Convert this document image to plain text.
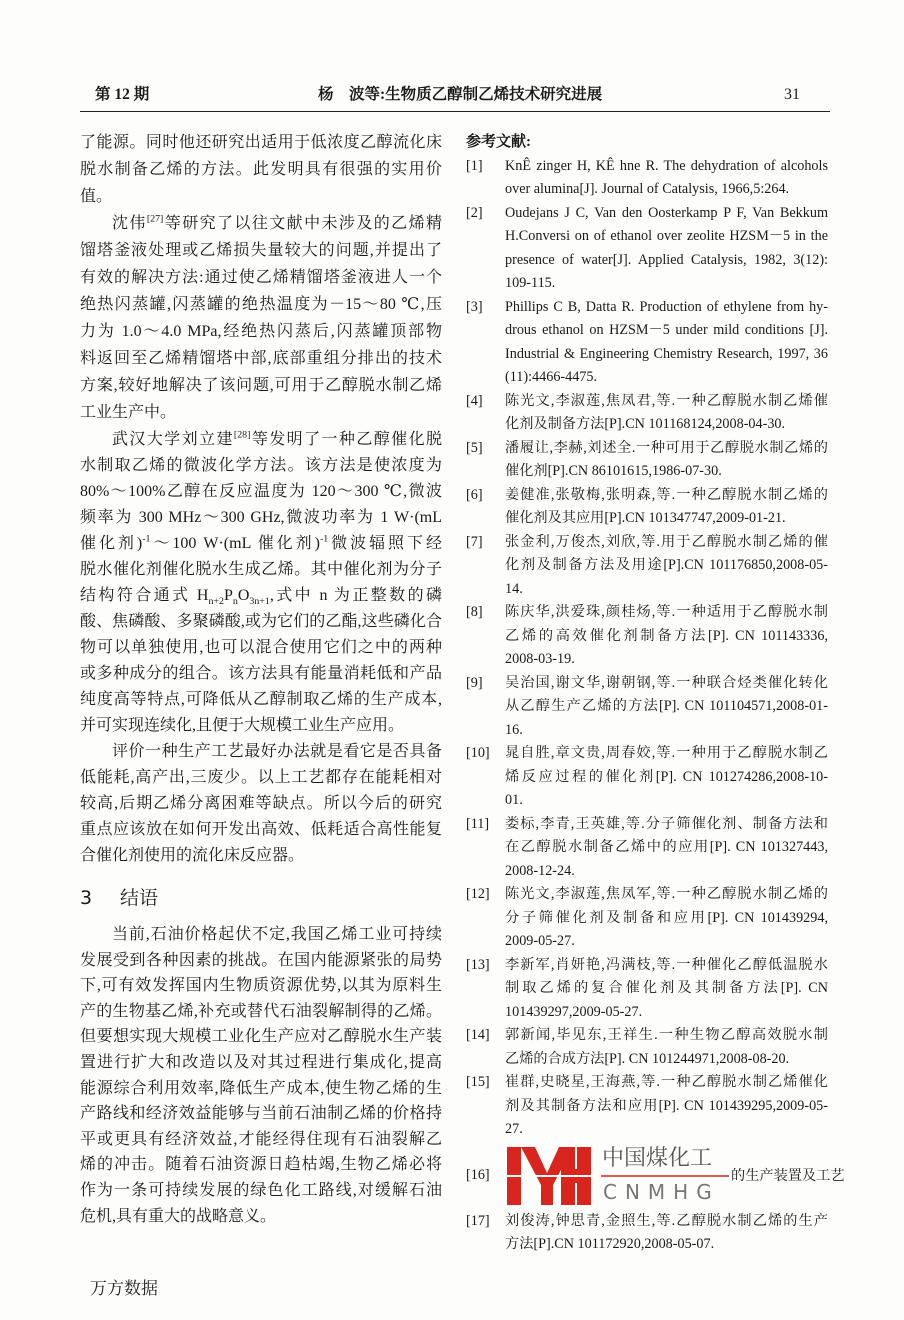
第 12 期	杨　波等:生物质乙醇制乙烯技术研究进展	31
了能源。同时他还研究出适用于低浓度乙醇流化床
脱水制备乙烯的方法。此发明具有很强的实用价
值。
沈伟[27]等研究了以往文献中未涉及的乙烯精
馏塔釜液处理或乙烯损失量较大的问题,并提出了
有效的解决方法:通过使乙烯精馏塔釜液进人一个
绝热闪蒸罐,闪蒸罐的绝热温度为－15～80 ℃,压
力为 1.0～4.0 MPa,经绝热闪蒸后,闪蒸罐顶部物
料返回至乙烯精馏塔中部,底部重组分排出的技术
方案,较好地解决了该问题,可用于乙醇脱水制乙烯
工业生产中。
武汉大学刘立建[28]等发明了一种乙醇催化脱
水制取乙烯的微波化学方法。该方法是使浓度为
80%～100%乙醇在反应温度为 120～300 ℃,微波
频率为 300 MHz～300 GHz,微波功率为 1 W·(mL
催化剂)$^{-1}$～100 W·(mL 催化剂)$^{-1}$微波辐照下经
脱水催化剂催化脱水生成乙烯。其中催化剂为分子
结构符合通式 $H_{n+2}P_nO_{3n+1}$,式中 n 为正整数的磷
酸、焦磷酸、多聚磷酸,或为它们的乙酯,这些磷化合
物可以单独使用,也可以混合使用它们之中的两种
或多种成分的组合。该方法具有能量消耗低和产品
纯度高等特点,可降低从乙醇制取乙烯的生产成本,
并可实现连续化,且便于大规模工业生产应用。
评价一种生产工艺最好办法就是看它是否具备
低能耗,高产出,三废少。以上工艺都存在能耗相对
较高,后期乙烯分离困难等缺点。所以今后的研究
重点应该放在如何开发出高效、低耗适合高性能复
合催化剂使用的流化床反应器。
3 结语
当前,石油价格起伏不定,我国乙烯工业可持续
发展受到各种因素的挑战。在国内能源紧张的局势
下,可有效发挥国内生物质资源优势,以其为原料生
产的生物基乙烯,补充或替代石油裂解制得的乙烯。
但要想实现大规模工业化生产应对乙醇脱水生产装
置进行扩大和改造以及对其过程进行集成化,提高
能源综合利用效率,降低生产成本,使生物乙烯的生
产路线和经济效益能够与当前石油制乙烯的价格持
平或更具有经济效益,才能经得住现有石油裂解乙
烯的冲击。随着石油资源日趋枯竭,生物乙烯必将
作为一条可持续发展的绿色化工路线,对缓解石油
危机,具有重大的战略意义。
参考文献:
[1] KnÊ zinger H, KÊ hne R. The dehydration of alcohols
over alumina[J]. Journal of Catalysis, 1966,5:264.
[2] Oudejans J C, Van den Oosterkamp P F, Van Bekkum
H.Conversi on of ethanol over zeolite HZSM－5 in the
presence of water[J]. Applied Catalysis, 1982, 3(12):
109-115.
[3] Phillips C B, Datta R. Production of ethylene from hy-
drous ethanol on HZSM－5 under mild conditions [J].
Industrial & Engineering Chemistry Research, 1997, 36
(11):4466-4475.
[4] 陈光文,李淑莲,焦凤君,等.一种乙醇脱水制乙烯催
化剂及制备方法[P].CN 101168124,2008-04-30.
[5] 潘履让,李赫,刘述全.一种可用于乙醇脱水制乙烯的
催化剂[P].CN 86101615,1986-07-30.
[6] 姜健准,张敬梅,张明森,等.一种乙醇脱水制乙烯的
催化剂及其应用[P].CN 101347747,2009-01-21.
[7] 张金利,万俊杰,刘欣,等.用于乙醇脱水制乙烯的催
化剂及制备方法及用途[P].CN 101176850,2008-05-
14.
[8] 陈庆华,洪爱珠,颜桂炀,等.一种适用于乙醇脱水制
乙烯的高效催化剂制备方法[P]. CN 101143336,
2008-03-19.
[9] 吴治国,谢文华,谢朝钢,等.一种联合烃类催化转化
从乙醇生产乙烯的方法[P]. CN 101104571,2008-01-
16.
[10] 晁自胜,章文贵,周春姣,等.一种用于乙醇脱水制乙
烯反应过程的催化剂[P]. CN 101274286,2008-10-
01.
[11] 娄标,李青,王英雄,等.分子筛催化剂、制备方法和
在乙醇脱水制备乙烯中的应用[P]. CN 101327443,
2008-12-24.
[12] 陈光文,李淑莲,焦凤军,等.一种乙醇脱水制乙烯的
分子筛催化剂及制备和应用[P]. CN 101439294,
2009-05-27.
[13] 李新军,肖妍艳,冯满枝,等.一种催化乙醇低温脱水
制取乙烯的复合催化剂及其制备方法[P]. CN
101439297,2009-05-27.
[14] 郭新闻,毕见东,王祥生.一种生物乙醇高效脱水制
乙烯的合成方法[P]. CN 101244971,2008-08-20.
[15] 崔群,史晓星,王海燕,等.一种乙醇脱水制乙烯催化
剂及其制备方法和应用[P]. CN 101439295,2009-05-
27.
[16]
中国煤化工
CNMHG
的生产装置及工艺
[17] 刘俊涛,钟思青,金照生,等.乙醇脱水制乙烯的生产
方法[P].CN 101172920,2008-05-07.
万方数据
